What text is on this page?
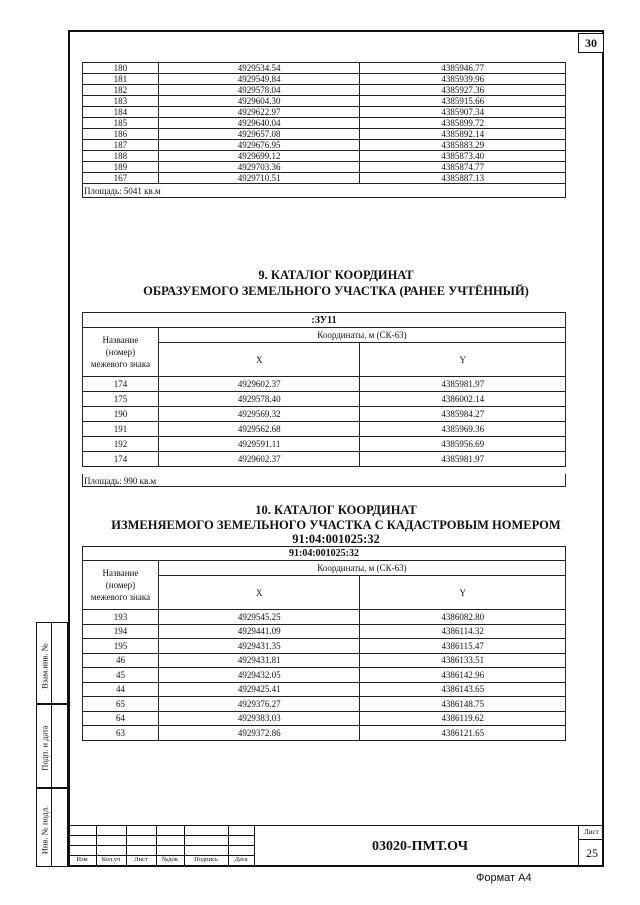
30
180	4929534.54	4385946.77
181	4929549.84	4385939.96
182	4929578.04	4385927.36
183	4929604.30	4385915.66
184	4929622.97	4385907.34
185	4929640.04	4385899.72
186	4929657.08	4385892.14
187	4929676.95	4385883.29
188	4929699.12	4385873.40
189	4929703.36	4385874.77
167	4929710.51	4385887.13
Площадь: 5041 кв.м
9. КАТАЛОГ КООРДИНАТ
ОБРАЗУЕМОГО ЗЕМЕЛЬНОГО УЧАСТКА (РАНЕЕ УЧТЁННЫЙ)
:ЗУ11		
Название (номер) межевого знака	Координаты, м (СК-63)	
	X	Y
174	4929602.37	4385981.97
175	4929578.40	4386002.14
190	4929569.32	4385984.27
191	4929562.68	4385969.36
192	4929591.11	4385956.69
174	4929602.37	4385981.97
Площадь: 990 кв.м
10. КАТАЛОГ КООРДИНАТ
ИЗМЕНЯЕМОГО ЗЕМЕЛЬНОГО УЧАСТКА С КАДАСТРОВЫМ НОМЕРОМ
91:04:001025:32
91:04:001025:32		
Название (номер) межевого знака	Координаты, м (СК-63)	
	X	Y
193	4929545.25	4386082.80
194	4929441.09	4386114.32
195	4929431.35	4386115.47
46	4929431.81	4386133.51
45	4929432.05	4386142.96
44	4929425.41	4386143.65
65	4929376.27	4386148.75
64	4929383.03	4386119.62
63	4929372.86	4386121.65
Взам.инв. №
Подп. и дата
Инв. № подл.
Изм	Кол.уч	Лист	№док	Подпись	Дата
03020-ПМТ.ОЧ
Лист
25
Формат А4
